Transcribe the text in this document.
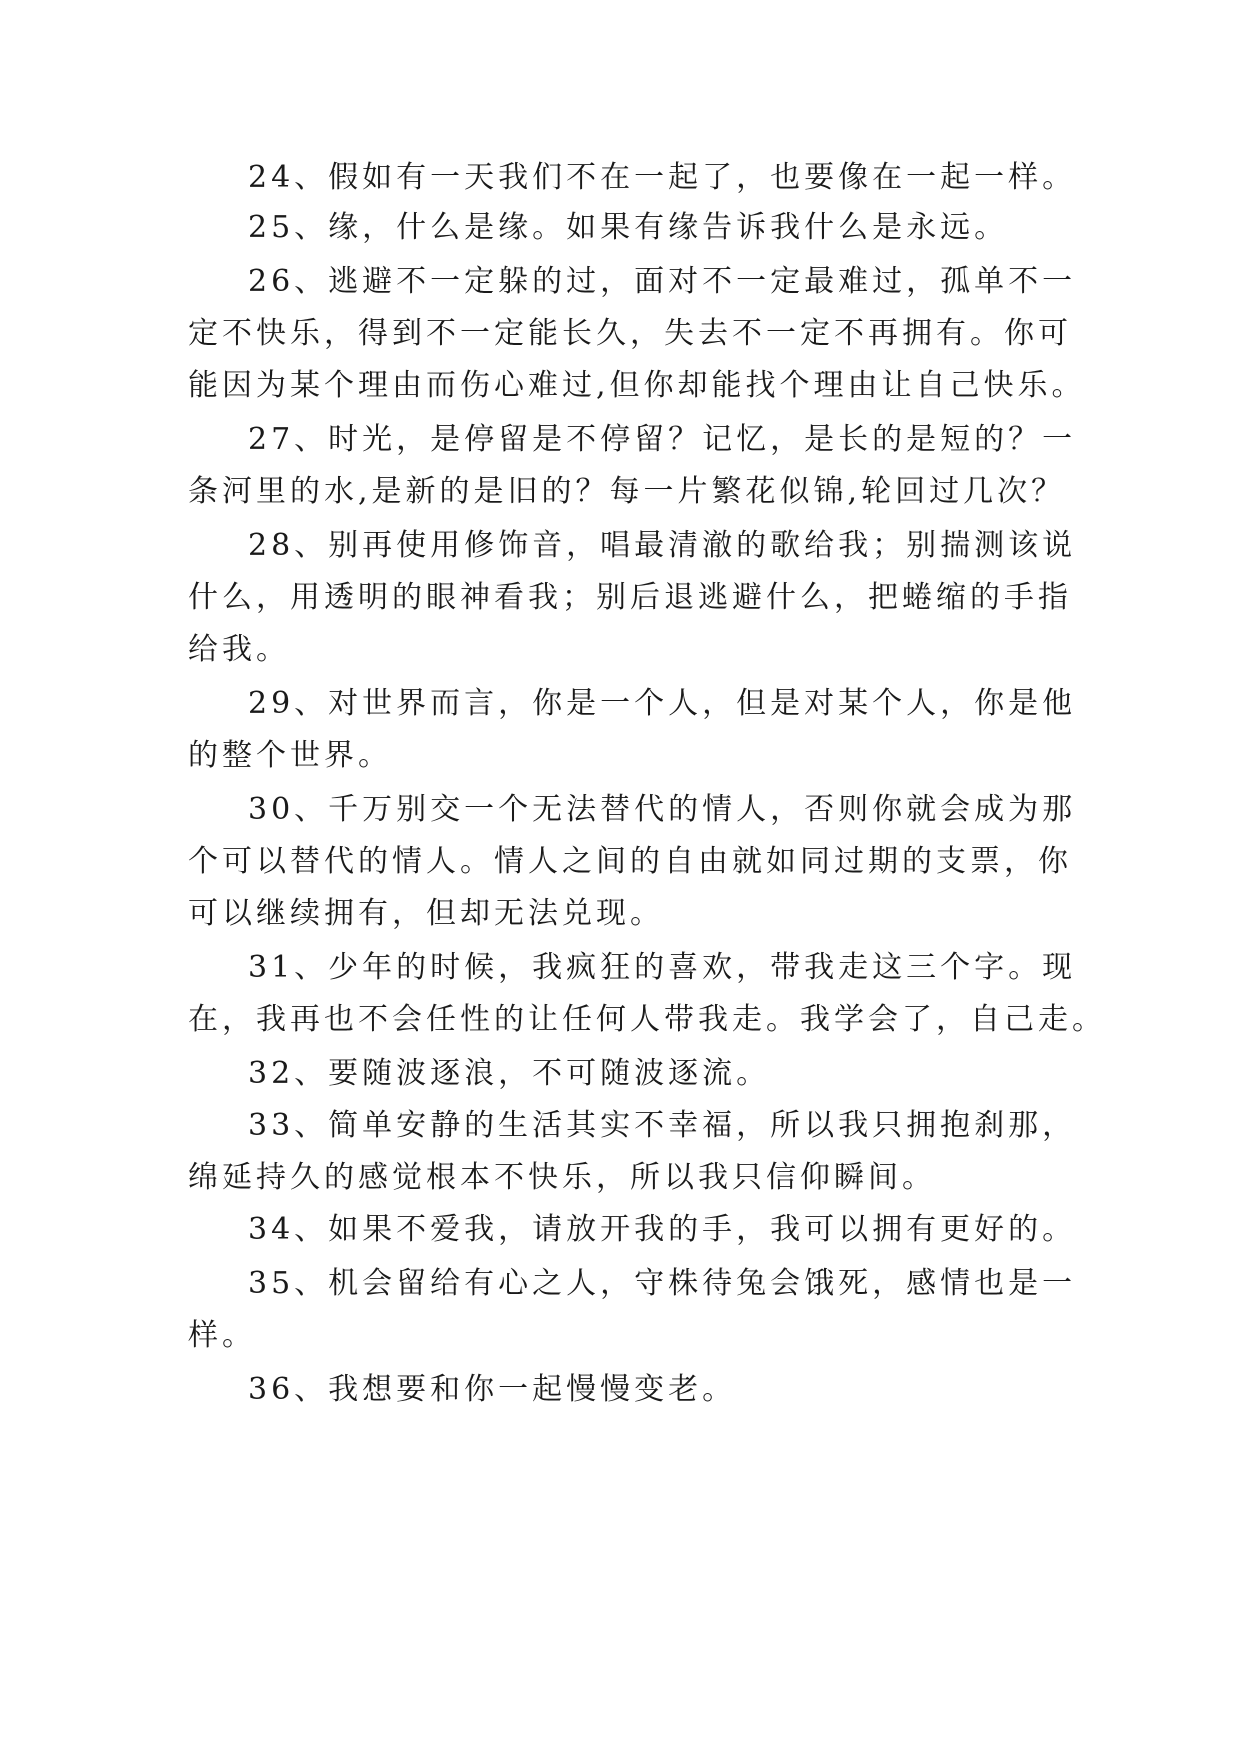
24、假如有一天我们不在一起了，也要像在一起一样。
25、缘，什么是缘。如果有缘告诉我什么是永远。
26、逃避不一定躲的过，面对不一定最难过，孤单不一
定不快乐，得到不一定能长久，失去不一定不再拥有。你可
能因为某个理由而伤心难过,但你却能找个理由让自己快乐。
27、时光，是停留是不停留？记忆，是长的是短的？一
条河里的水,是新的是旧的？每一片繁花似锦,轮回过几次？
28、别再使用修饰音，唱最清澈的歌给我；别揣测该说
什么，用透明的眼神看我；别后退逃避什么，把蜷缩的手指
给我。
29、对世界而言，你是一个人，但是对某个人，你是他
的整个世界。
30、千万别交一个无法替代的情人，否则你就会成为那
个可以替代的情人。情人之间的自由就如同过期的支票，你
可以继续拥有，但却无法兑现。
31、少年的时候，我疯狂的喜欢，带我走这三个字。现
在，我再也不会任性的让任何人带我走。我学会了，自己走。
32、要随波逐浪，不可随波逐流。
33、简单安静的生活其实不幸福，所以我只拥抱刹那，
绵延持久的感觉根本不快乐，所以我只信仰瞬间。
34、如果不爱我，请放开我的手，我可以拥有更好的。
35、机会留给有心之人，守株待兔会饿死，感情也是一
样。
36、我想要和你一起慢慢变老。
